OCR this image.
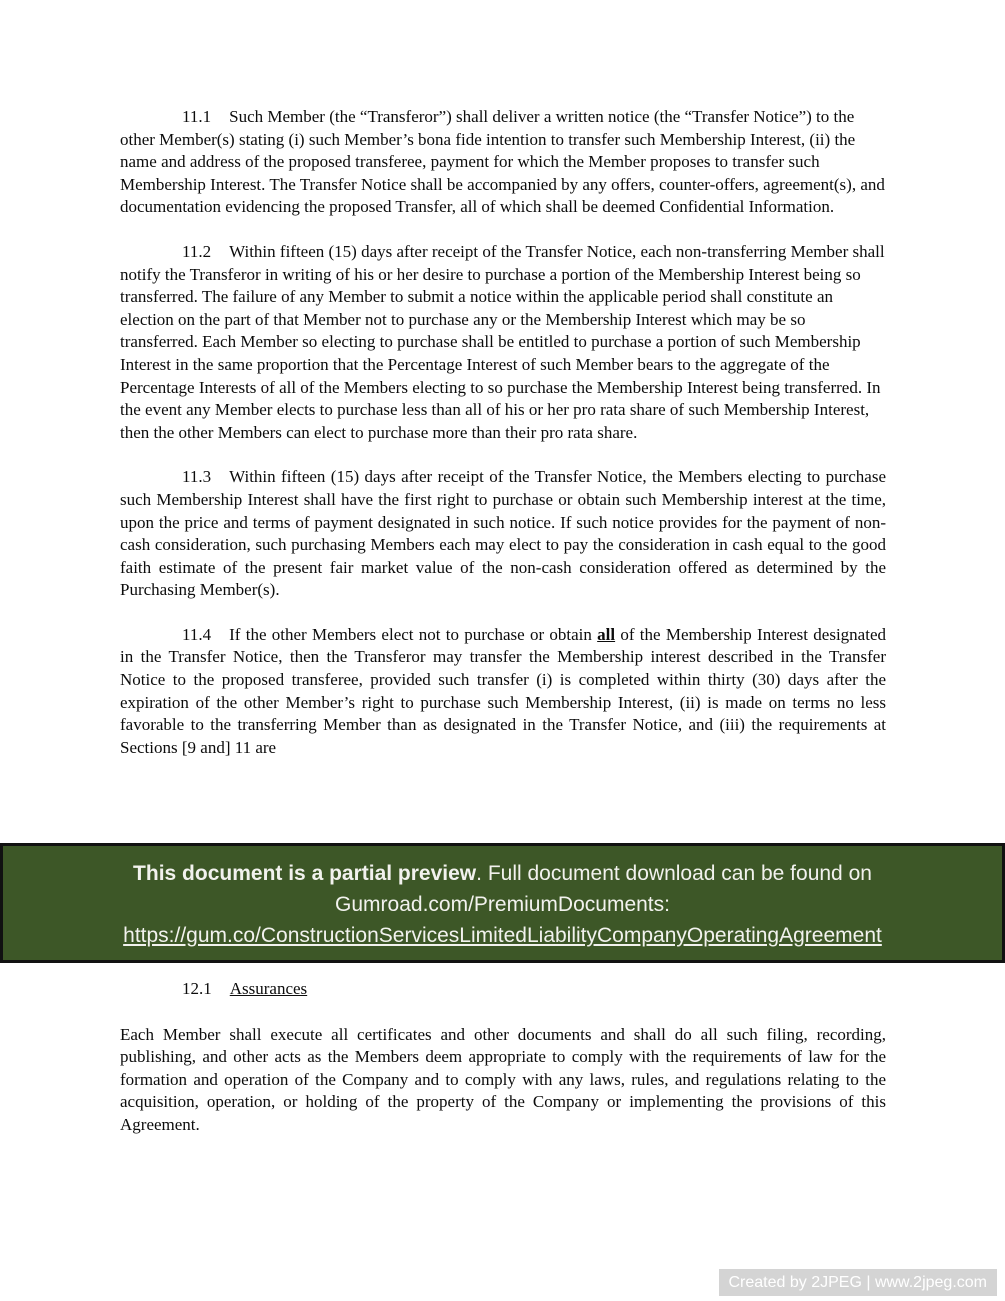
11.1 Such Member (the “Transferor”) shall deliver a written notice (the “Transfer Notice”) to the other Member(s) stating (i) such Member’s bona fide intention to transfer such Membership Interest, (ii) the name and address of the proposed transferee, payment for which the Member proposes to transfer such Membership Interest. The Transfer Notice shall be accompanied by any offers, counter-offers, agreement(s), and documentation evidencing the proposed Transfer, all of which shall be deemed Confidential Information.

11.2 Within fifteen (15) days after receipt of the Transfer Notice, each non-transferring Member shall notify the Transferor in writing of his or her desire to purchase a portion of the Membership Interest being so transferred. The failure of any Member to submit a notice within the applicable period shall constitute an election on the part of that Member not to purchase any or the Membership Interest which may be so transferred. Each Member so electing to purchase shall be entitled to purchase a portion of such Membership Interest in the same proportion that the Percentage Interest of such Member bears to the aggregate of the Percentage Interests of all of the Members electing to so purchase the Membership Interest being transferred. In the event any Member elects to purchase less than all of his or her pro rata share of such Membership Interest, then the other Members can elect to purchase more than their pro rata share.

11.3 Within fifteen (15) days after receipt of the Transfer Notice, the Members electing to purchase such Membership Interest shall have the first right to purchase or obtain such Membership interest at the time, upon the price and terms of payment designated in such notice. If such notice provides for the payment of non-cash consideration, such purchasing Members each may elect to pay the consideration in cash equal to the good faith estimate of the present fair market value of the non-cash consideration offered as determined by the Purchasing Member(s).

11.4 If the other Members elect not to purchase or obtain all of the Membership Interest designated in the Transfer Notice, then the Transferor may transfer the Membership interest described in the Transfer Notice to the proposed transferee, provided such transfer (i) is completed within thirty (30) days after the expiration of the other Member’s right to purchase such Membership Interest, (ii) is made on terms no less favorable to the transferring Member than as designated in the Transfer Notice, and (iii) the requirements at Sections [9 and] 11 are

This document is a partial preview. Full document download can be found on
Gumroad.com/PremiumDocuments:
https://gum.co/ConstructionServicesLimitedLiabilityCompanyOperatingAgreement

12.1 Assurances

Each Member shall execute all certificates and other documents and shall do all such filing, recording, publishing, and other acts as the Members deem appropriate to comply with the requirements of law for the formation and operation of the Company and to comply with any laws, rules, and regulations relating to the acquisition, operation, or holding of the property of the Company or implementing the provisions of this Agreement.

Created by 2JPEG | www.2jpeg.com
